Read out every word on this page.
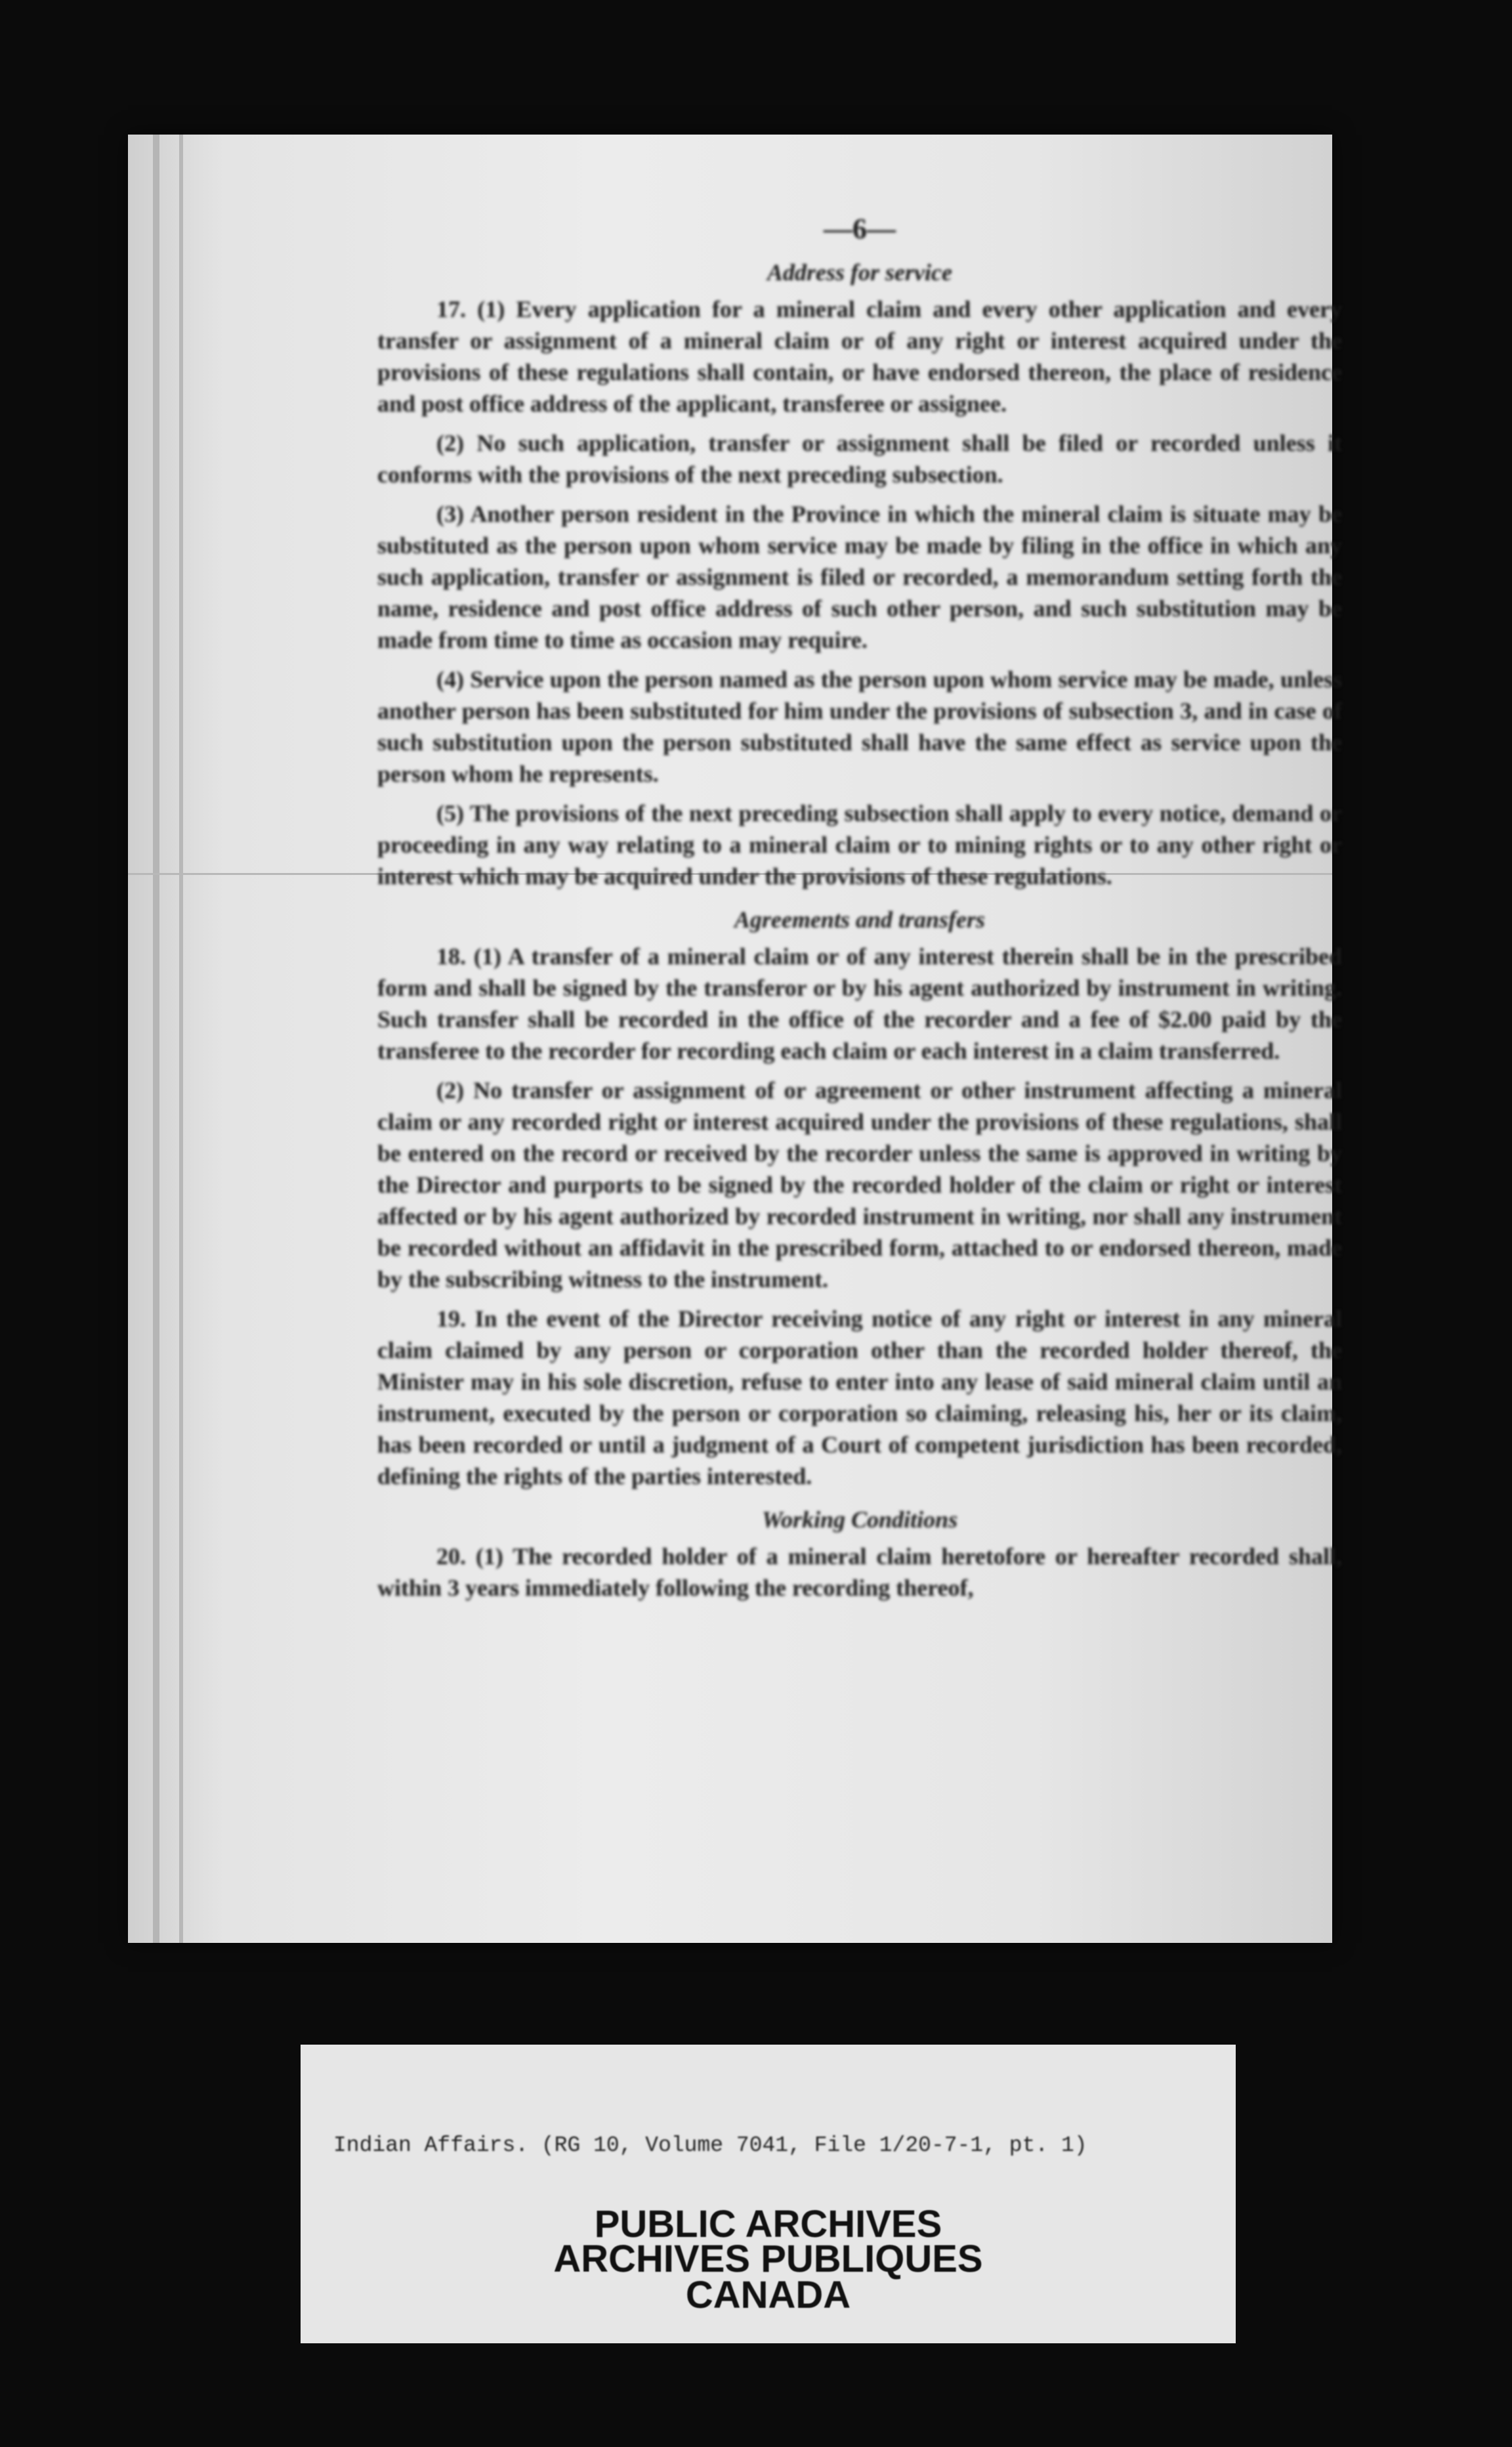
—6—
Address for service

17. (1) Every application for a mineral claim and every other application and every transfer or assignment of a mineral claim or of any right or interest acquired under the provisions of these regulations shall contain, or have endorsed thereon, the place of residence and post office address of the applicant, transferee or assignee.

(2) No such application, transfer or assignment shall be filed or recorded unless it conforms with the provisions of the next preceding subsection.

(3) Another person resident in the Province in which the mineral claim is situate may be substituted as the person upon whom service may be made by filing in the office in which any such application, transfer or assignment is filed or recorded, a memorandum setting forth the name, residence and post office address of such other person, and such substitution may be made from time to time as occasion may require.

(4) Service upon the person named as the person upon whom service may be made, unless another person has been substituted for him under the provisions of subsection 3, and in case of such substitution upon the person substituted shall have the same effect as service upon the person whom he represents.

(5) The provisions of the next preceding subsection shall apply to every notice, demand or proceeding in any way relating to a mineral claim or to mining rights or to any other right or interest which may be acquired under the provisions of these regulations.

Agreements and transfers

18. (1) A transfer of a mineral claim or of any interest therein shall be in the prescribed form and shall be signed by the transferor or by his agent authorized by instrument in writing. Such transfer shall be recorded in the office of the recorder and a fee of $2.00 paid by the transferee to the recorder for recording each claim or each interest in a claim transferred.

(2) No transfer or assignment of or agreement or other instrument affecting a mineral claim or any recorded right or interest acquired under the provisions of these regulations, shall be entered on the record or received by the recorder unless the same is approved in writing by the Director and purports to be signed by the recorded holder of the claim or right or interest affected or by his agent authorized by recorded instrument in writing, nor shall any instrument be recorded without an affidavit in the prescribed form, attached to or endorsed thereon, made by the subscribing witness to the instrument.

19. In the event of the Director receiving notice of any right or interest in any mineral claim claimed by any person or corporation other than the recorded holder thereof, the Minister may in his sole discretion, refuse to enter into any lease of said mineral claim until an instrument, executed by the person or corporation so claiming, releasing his, her or its claim, has been recorded or until a judgment of a Court of competent jurisdiction has been recorded, defining the rights of the parties interested.

Working Conditions

20. (1) The recorded holder of a mineral claim heretofore or hereafter recorded shall, within 3 years immediately following the recording thereof,

Indian Affairs. (RG 10, Volume 7041, File 1/20-7-1, pt. 1)
PUBLIC ARCHIVES
ARCHIVES PUBLIQUES
CANADA
